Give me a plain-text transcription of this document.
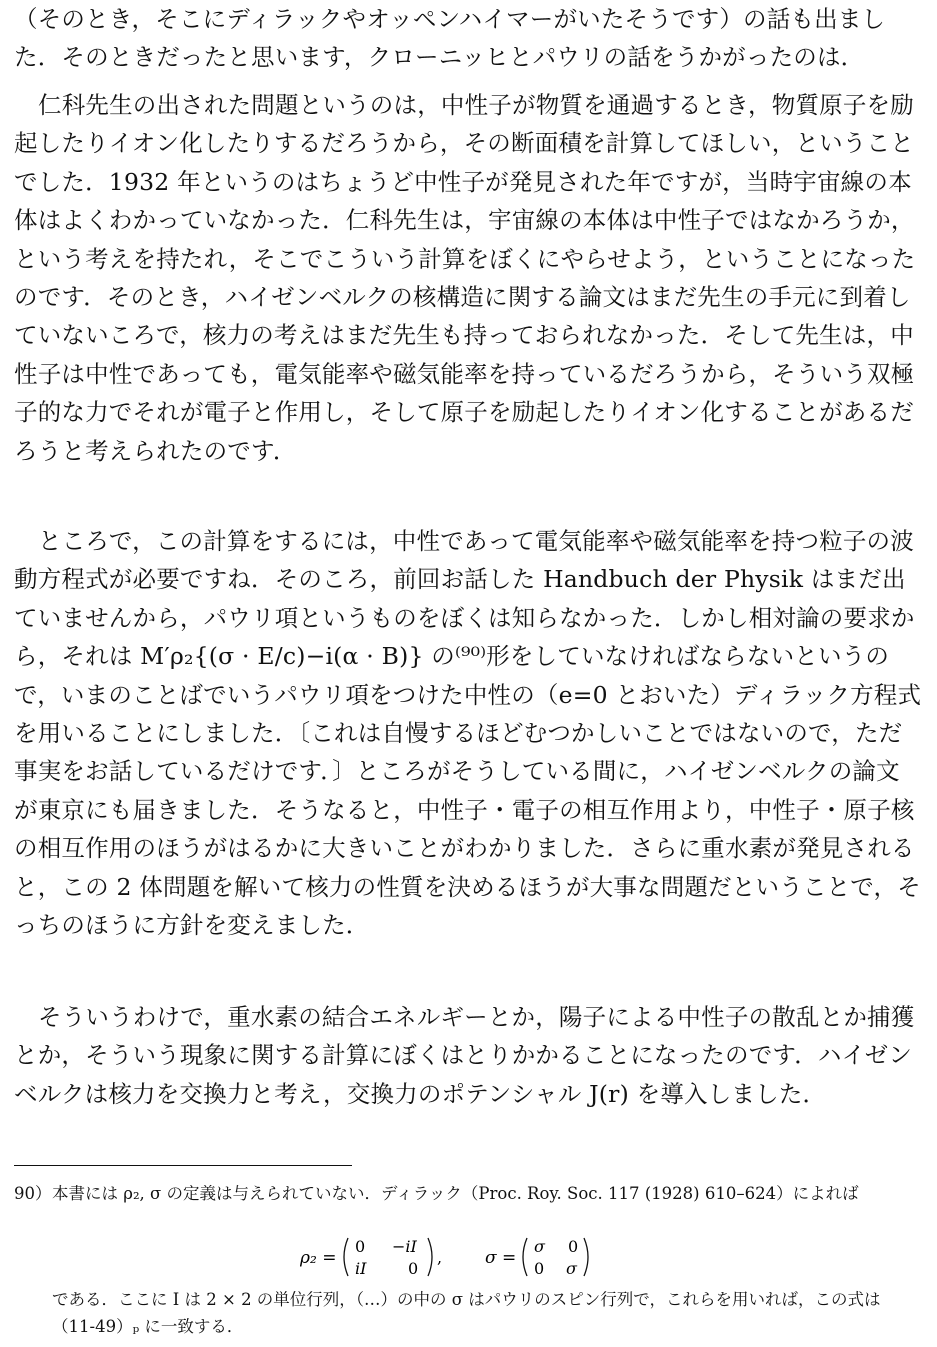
（そのとき，そこにディラックやオッペンハイマーがいたそうです）の話も出ました．そのときだったと思います，クローニッヒとパウリの話をうかがったのは．

仁科先生の出された問題というのは，中性子が物質を通過するとき，物質原子を励起したりイオン化したりするだろうから，その断面積を計算してほしい，ということでした．1932 年というのはちょうど中性子が発見された年ですが，当時宇宙線の本体はよくわかっていなかった．仁科先生は，宇宙線の本体は中性子ではなかろうか，という考えを持たれ，そこでこういう計算をぼくにやらせよう，ということになったのです．そのとき，ハイゼンベルクの核構造に関する論文はまだ先生の手元に到着していないころで，核力の考えはまだ先生も持っておられなかった．そして先生は，中性子は中性であっても，電気能率や磁気能率を持っているだろうから，そういう双極子的な力でそれが電子と作用し，そして原子を励起したりイオン化することがあるだろうと考えられたのです．

ところで，この計算をするには，中性であって電気能率や磁気能率を持つ粒子の波動方程式が必要ですね．そのころ，前回お話した Handbuch der Physik はまだ出ていませんから，パウリ項というものをぼくは知らなかった．しかし相対論の要求から，それは M′ρ₂{(σ · E/c)−i(α · B)} の⁽⁹⁰⁾形をしていなければならないというので，いまのことばでいうパウリ項をつけた中性の（e=0 とおいた）ディラック方程式を用いることにしました．〔これは自慢するほどむつかしいことではないので，ただ事実をお話しているだけです．〕ところがそうしている間に，ハイゼンベルクの論文が東京にも届きました．そうなると，中性子・電子の相互作用より，中性子・原子核の相互作用のほうがはるかに大きいことがわかりました．さらに重水素が発見されると，この 2 体問題を解いて核力の性質を決めるほうが大事な問題だということで，そっちのほうに方針を変えました．

そういうわけで，重水素の結合エネルギーとか，陽子による中性子の散乱とか捕獲とか，そういう現象に関する計算にぼくはとりかかることになったのです．ハイゼンベルクは核力を交換力と考え，交換力のポテンシャル J(r) を導入しました．

90） 本書には ρ₂, σ の定義は与えられていない．ディラック（Proc. Roy. Soc. 117 (1928) 610–624）によれば

ρ₂ =
0 −iI
iI	0
,	σ =
σ 0
0 σ

である．ここに I は 2 × 2 の単位行列，（…）の中の σ はパウリのスピン行列で，これらを用いれば，この式は（11-49）ₚ に一致する．
